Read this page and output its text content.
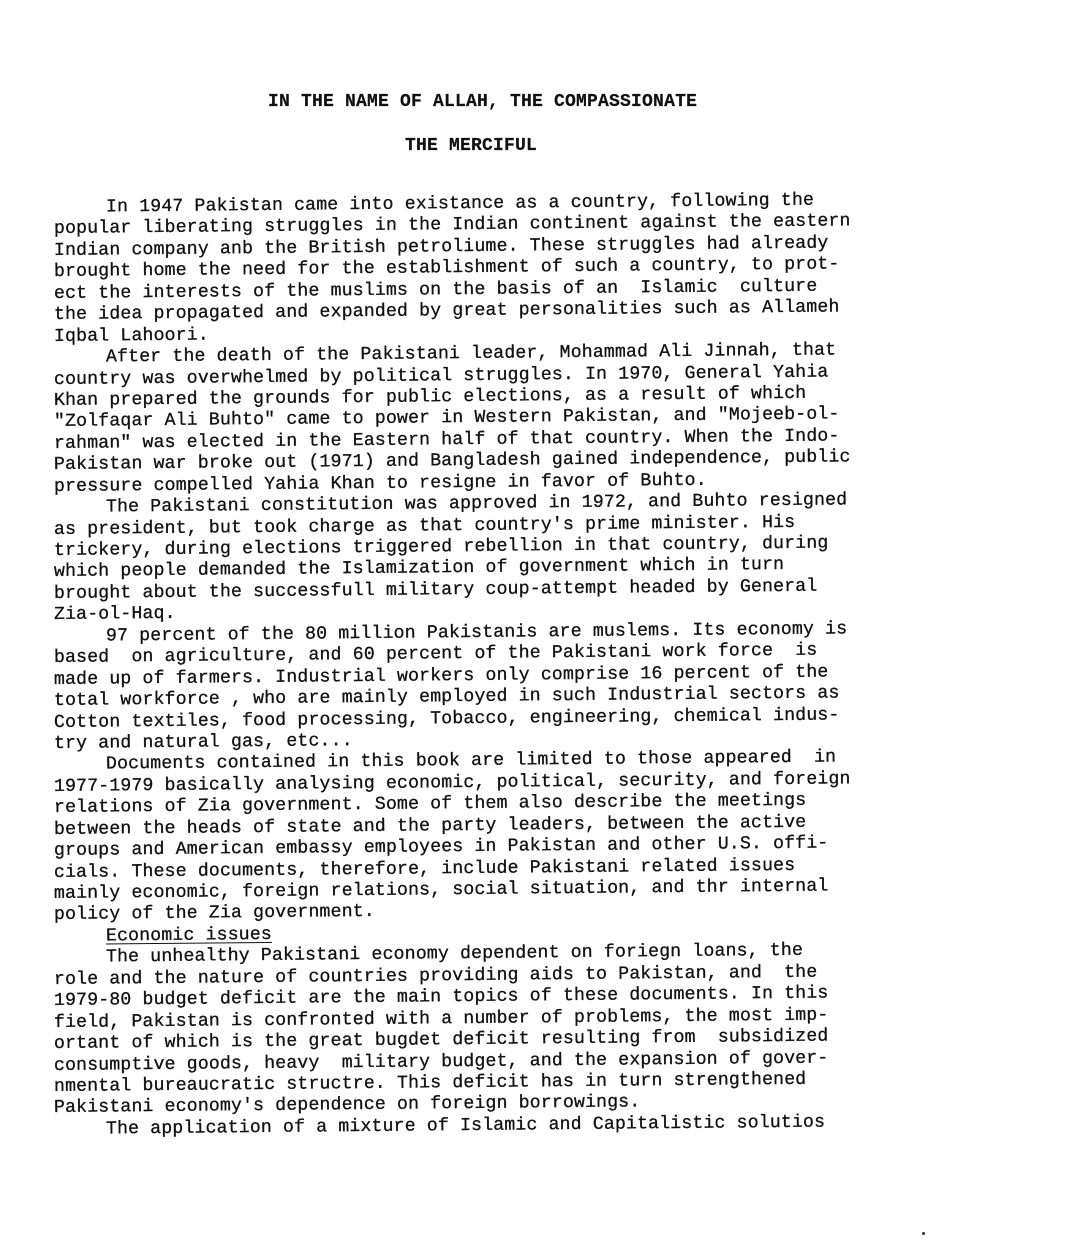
IN THE NAME OF ALLAH, THE COMPASSIONATE
THE MERCIFUL
In 1947 Pakistan came into existance as a country, following the
popular liberating struggles in the Indian continent against the eastern
Indian company anb the British petroliume. These struggles had already
brought home the need for the establishment of such a country, to prot-
ect the interests of the muslims on the basis of an  Islamic  culture
the idea propagated and expanded by great personalities such as Allameh
Iqbal Lahoori.
After the death of the Pakistani leader, Mohammad Ali Jinnah, that
country was overwhelmed by political struggles. In 1970, General Yahia
Khan prepared the grounds for public elections, as a result of which
"Zolfaqar Ali Buhto" came to power in Western Pakistan, and "Mojeeb-ol-
rahman" was elected in the Eastern half of that country. When the Indo-
Pakistan war broke out (1971) and Bangladesh gained independence, public
pressure compelled Yahia Khan to resigne in favor of Buhto.
The Pakistani constitution was approved in 1972, and Buhto resigned
as president, but took charge as that country's prime minister. His
trickery, during elections triggered rebellion in that country, during
which people demanded the Islamization of government which in turn
brought about the successfull military coup-attempt headed by General
Zia-ol-Haq.
97 percent of the 80 million Pakistanis are muslems. Its economy is
based  on agriculture, and 60 percent of the Pakistani work force  is
made up of farmers. Industrial workers only comprise 16 percent of the
total workforce , who are mainly employed in such Industrial sectors as
Cotton textiles, food processing, Tobacco, engineering, chemical indus-
try and natural gas, etc...
Documents contained in this book are limited to those appeared  in
1977-1979 basically analysing economic, political, security, and foreign
relations of Zia government. Some of them also describe the meetings
between the heads of state and the party leaders, between the active
groups and American embassy employees in Pakistan and other U.S. offi-
cials. These documents, therefore, include Pakistani related issues
mainly economic, foreign relations, social situation, and thr internal
policy of the Zia government.
Economic issues
The unhealthy Pakistani economy dependent on foriegn loans, the
role and the nature of countries providing aids to Pakistan, and  the
1979-80 budget deficit are the main topics of these documents. In this
field, Pakistan is confronted with a number of problems, the most imp-
ortant of which is the great bugdet deficit resulting from  subsidized
consumptive goods, heavy  military budget, and the expansion of gover-
nmental bureaucratic structre. This deficit has in turn strengthened
Pakistani economy's dependence on foreign borrowings.
The application of a mixture of Islamic and Capitalistic solutios
